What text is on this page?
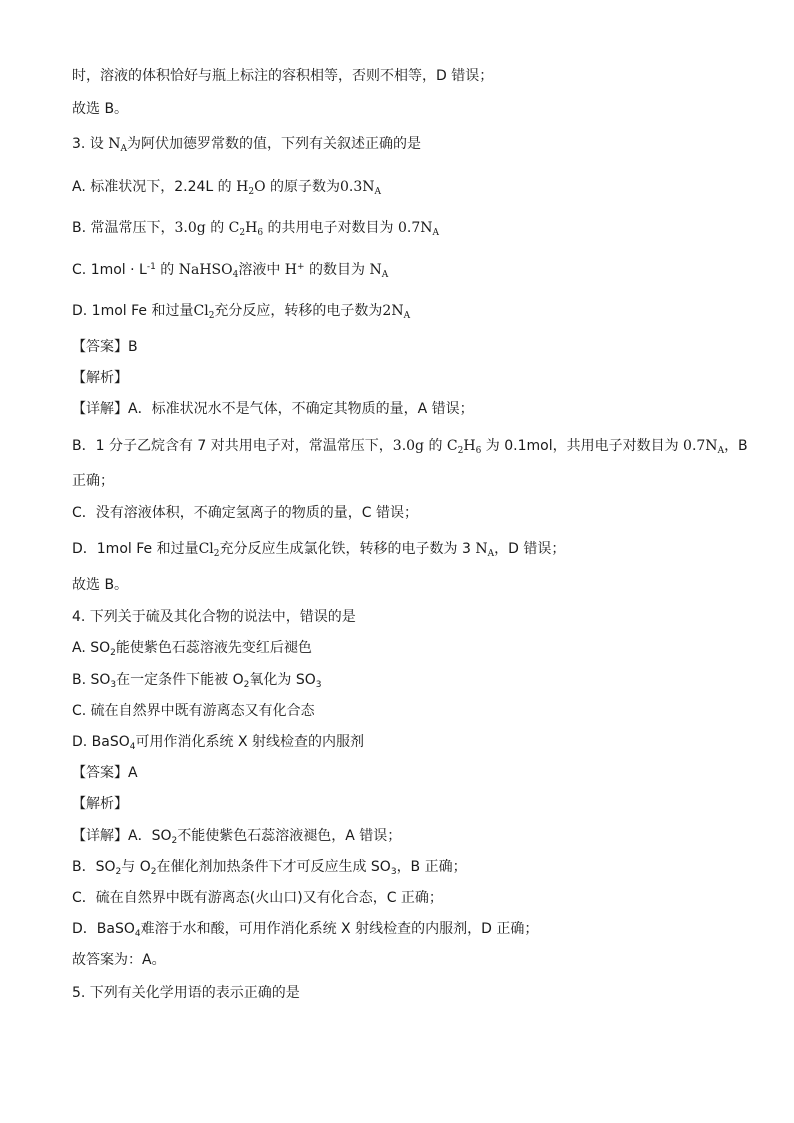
时，溶液的体积恰好与瓶上标注的容积相等，否则不相等，D 错误；
故选 B。
3. 设 $N_A$为阿伏加德罗常数的值，下列有关叙述正确的是
A. 标准状况下，2.24L 的 $H_2O$ 的原子数为$0.3N_A$
B. 常温常压下，3.0g 的 $C_2H_6$ 的共用电子对数目为 $0.7N_A$
C. $1mol \cdot L^{-1}$ 的 NaHSO$_4$溶液中 H+ 的数目为 $N_A$
D. 1mol Fe 和过量$Cl_2$充分反应，转移的电子数为$2N_A$
【答案】B
【解析】
【详解】A．标准状况水不是气体，不确定其物质的量，A 错误；
B．1 分子乙烷含有 7 对共用电子对，常温常压下，3.0g 的 $C_2H_6$ 为 0.1mol，共用电子对数目为 $0.7N_A$，B
正确；
C．没有溶液体积，不确定氢离子的物质的量，C 错误；
D．1mol Fe 和过量$Cl_2$充分反应生成氯化铁，转移的电子数为 3 $N_A$，D 错误；
故选 B。
4. 下列关于硫及其化合物的说法中，错误的是
A. $SO_2$能使紫色石蕊溶液先变红后褪色
B. $SO_3$在一定条件下能被 $O_2$氧化为 $SO_3$
C. 硫在自然界中既有游离态又有化合态
D. BaSO$_4$可用作消化系统 X 射线检查的内服剂
【答案】A
【解析】
【详解】A．$SO_2$不能使紫色石蕊溶液褪色，A 错误；
B．$SO_2$与 $O_2$在催化剂加热条件下才可反应生成 $SO_3$，B 正确；
C．硫在自然界中既有游离态(火山口)又有化合态，C 正确；
D．BaSO$_4$难溶于水和酸，可用作消化系统 X 射线检查的内服剂，D 正确；
故答案为：A。
5. 下列有关化学用语的表示正确的是
